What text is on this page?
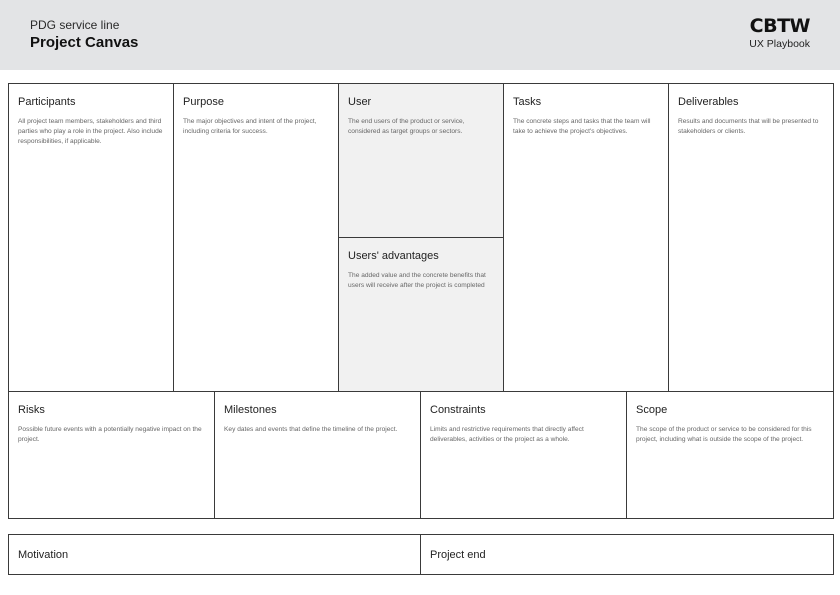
PDG service line
Project Canvas
CBTW
UX Playbook

Participants

All project team members, stakeholders and third parties who play a role in the project. Also include responsibilities, if applicable.

Purpose

The major objectives and intent of the project, including criteria for success.

User

The end users of the product or service, considered as target groups or sectors.

Users' advantages

The added value and the concrete benefits that users will receive after the project is completed

Tasks

The concrete steps and tasks that the team will take to achieve the project's objectives.

Deliverables

Results and documents that will be presented to stakeholders or clients.

Risks

Possible future events with a potentially negative impact on the project.

Milestones

Key dates and events that define the timeline of the project.

Constraints

Limits and restrictive requirements that directly affect deliverables, activities or the project as a whole.

Scope

The scope of the product or service to be considered for this project, including what is outside the scope of the project.

Motivation	Project end
